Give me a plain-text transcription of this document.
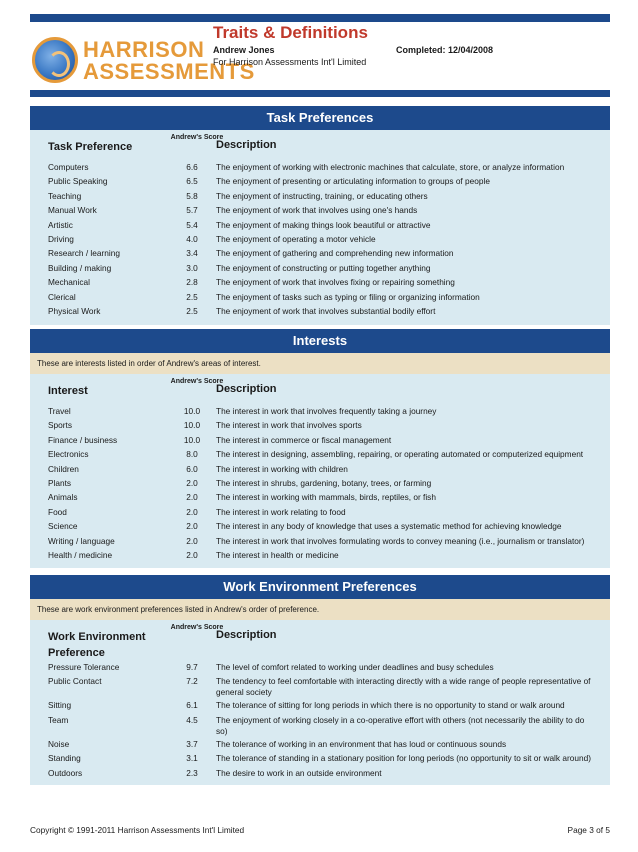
HARRISON
ASSESSMENTS
Traits & Definitions
Andrew Jones	Completed: 12/04/2008
For Harrison Assessments Int'l Limited
Task Preferences
Task Preference
Andrew's Score
Description
Computers	6.6	The enjoyment of working with electronic machines that calculate, store, or analyze information
Public Speaking	6.5	The enjoyment of presenting or articulating information to groups of people
Teaching	5.8	The enjoyment of instructing, training, or educating others
Manual Work	5.7	The enjoyment of work that involves using one's hands
Artistic	5.4	The enjoyment of making things look beautiful or attractive
Driving	4.0	The enjoyment of operating a motor vehicle
Research / learning	3.4	The enjoyment of gathering and comprehending new information
Building / making	3.0	The enjoyment of constructing or putting together anything
Mechanical	2.8	The enjoyment of work that involves fixing or repairing something
Clerical	2.5	The enjoyment of tasks such as typing or filing or organizing information
Physical Work	2.5	The enjoyment of work that involves substantial bodily effort
Interests
These are interests listed in order of Andrew's areas of interest.
Interest
Andrew's Score
Description
Travel	10.0	The interest in work that involves frequently taking a journey
Sports	10.0	The interest in work that involves sports
Finance / business	10.0	The interest in commerce or fiscal management
Electronics	8.0	The interest in designing, assembling, repairing, or operating automated or computerized equipment
Children	6.0	The interest in working with children
Plants	2.0	The interest in shrubs, gardening, botany, trees, or farming
Animals	2.0	The interest in working with mammals, birds, reptiles, or fish
Food	2.0	The interest in work relating to food
Science	2.0	The interest in any body of knowledge that uses a systematic method for achieving knowledge
Writing / language	2.0	The interest in work that involves formulating words to convey meaning (i.e., journalism or translator)
Health / medicine	2.0	The interest in health or medicine
Work Environment Preferences
These are work environment preferences listed in Andrew's order of preference.
Work Environment Preference
Andrew's Score
Description
Pressure Tolerance	9.7	The level of comfort related to working under deadlines and busy schedules
Public Contact	7.2	The tendency to feel comfortable with interacting directly with a wide range of people representative of general society
Sitting	6.1	The tolerance of sitting for long periods in which there is no opportunity to stand or walk around
Team	4.5	The enjoyment of working closely in a co-operative effort with others (not necessarily the ability to do so)
Noise	3.7	The tolerance of working in an environment that has loud or continuous sounds
Standing	3.1	The tolerance of standing in a stationary position for long periods (no opportunity to sit or walk around)
Outdoors	2.3	The desire to work in an outside environment
Copyright © 1991-2011 Harrison Assessments Int'l Limited	Page 3 of 5
